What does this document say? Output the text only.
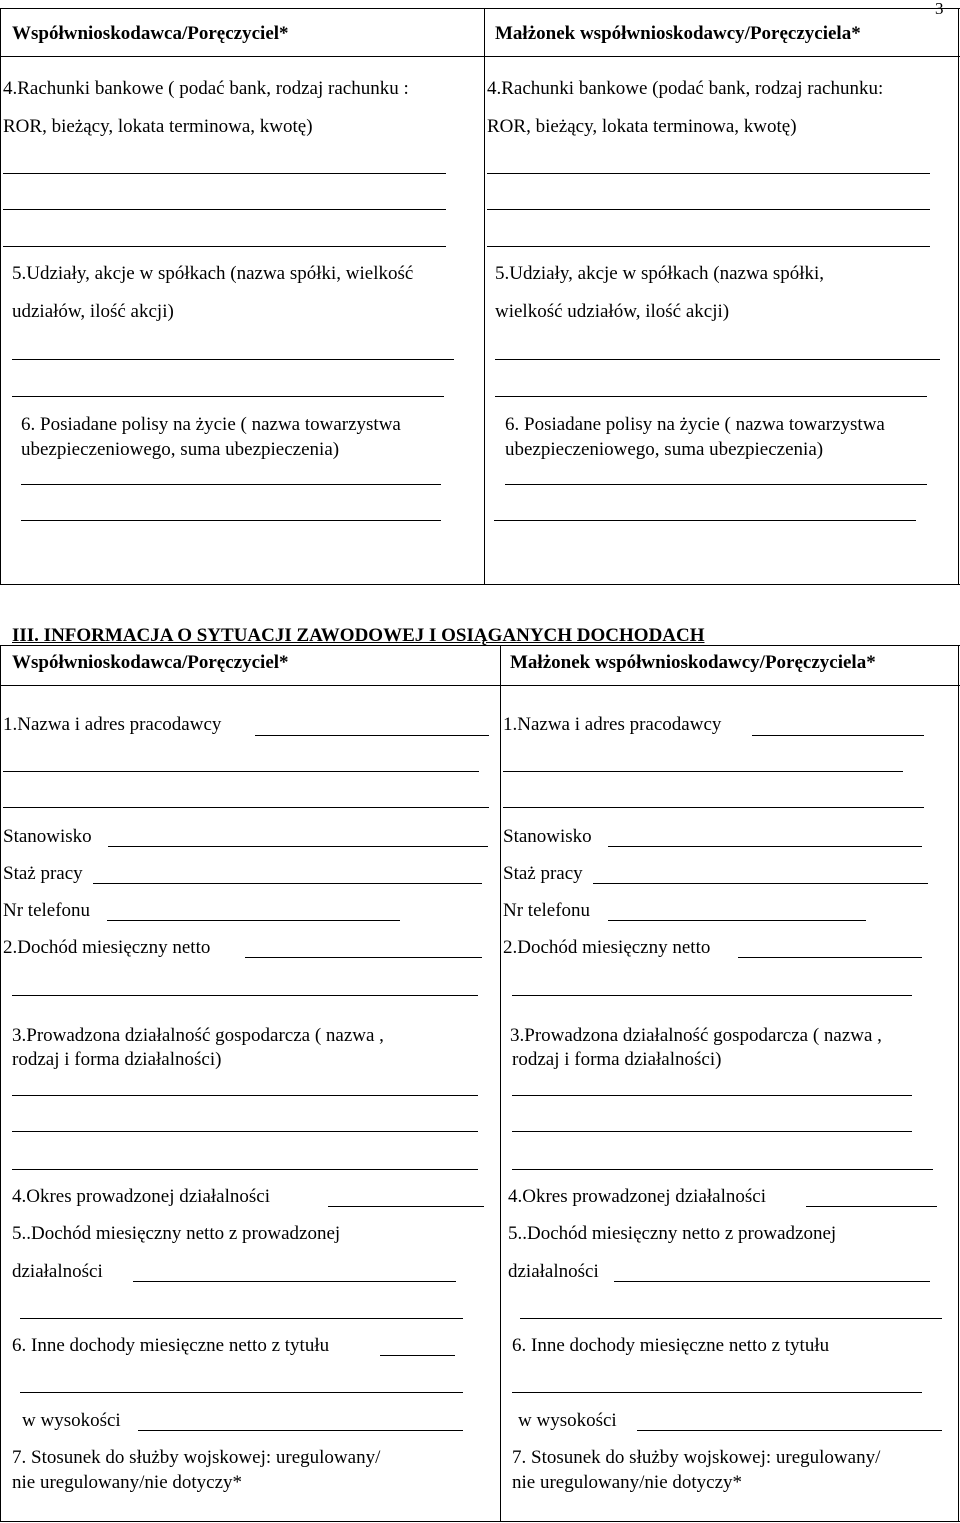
3
Współwnioskodawca/Poręczyciel*	Małżonek współwnioskodawcy/Poręczyciela*
4.Rachunki bankowe ( podać bank, rodzaj rachunku :
ROR, bieżący, lokata terminowa, kwotę)
5.Udziały, akcje w spółkach (nazwa spółki, wielkość
udziałów, ilość akcji)
6. Posiadane polisy na życie ( nazwa towarzystwa
ubezpieczeniowego, suma ubezpieczenia)
4.Rachunki bankowe (podać bank, rodzaj rachunku:
ROR, bieżący, lokata terminowa, kwotę)
5.Udziały, akcje w spółkach (nazwa spółki,
wielkość udziałów, ilość akcji)
6. Posiadane polisy na życie ( nazwa towarzystwa
ubezpieczeniowego, suma ubezpieczenia)
III. INFORMACJA O SYTUACJI ZAWODOWEJ I OSIĄGANYCH DOCHODACH
Współwnioskodawca/Poręczyciel*	Małżonek współwnioskodawcy/Poręczyciela*
1.Nazwa i adres pracodawcy
Stanowisko
Staż pracy
Nr telefonu
2.Dochód miesięczny netto
3.Prowadzona działalność gospodarcza ( nazwa ,
rodzaj i forma działalności)
4.Okres prowadzonej działalności
5..Dochód miesięczny netto z prowadzonej
działalności
6. Inne dochody miesięczne netto z tytułu
w wysokości
7. Stosunek do służby wojskowej: uregulowany/
nie uregulowany/nie dotyczy*
1.Nazwa i adres pracodawcy
Stanowisko
Staż pracy
Nr telefonu
2.Dochód miesięczny netto
3.Prowadzona działalność gospodarcza ( nazwa ,
rodzaj i forma działalności)
4.Okres prowadzonej działalności
5..Dochód miesięczny netto z prowadzonej
działalności
6. Inne dochody miesięczne netto z tytułu
w wysokości
7. Stosunek do służby wojskowej: uregulowany/
nie uregulowany/nie dotyczy*
